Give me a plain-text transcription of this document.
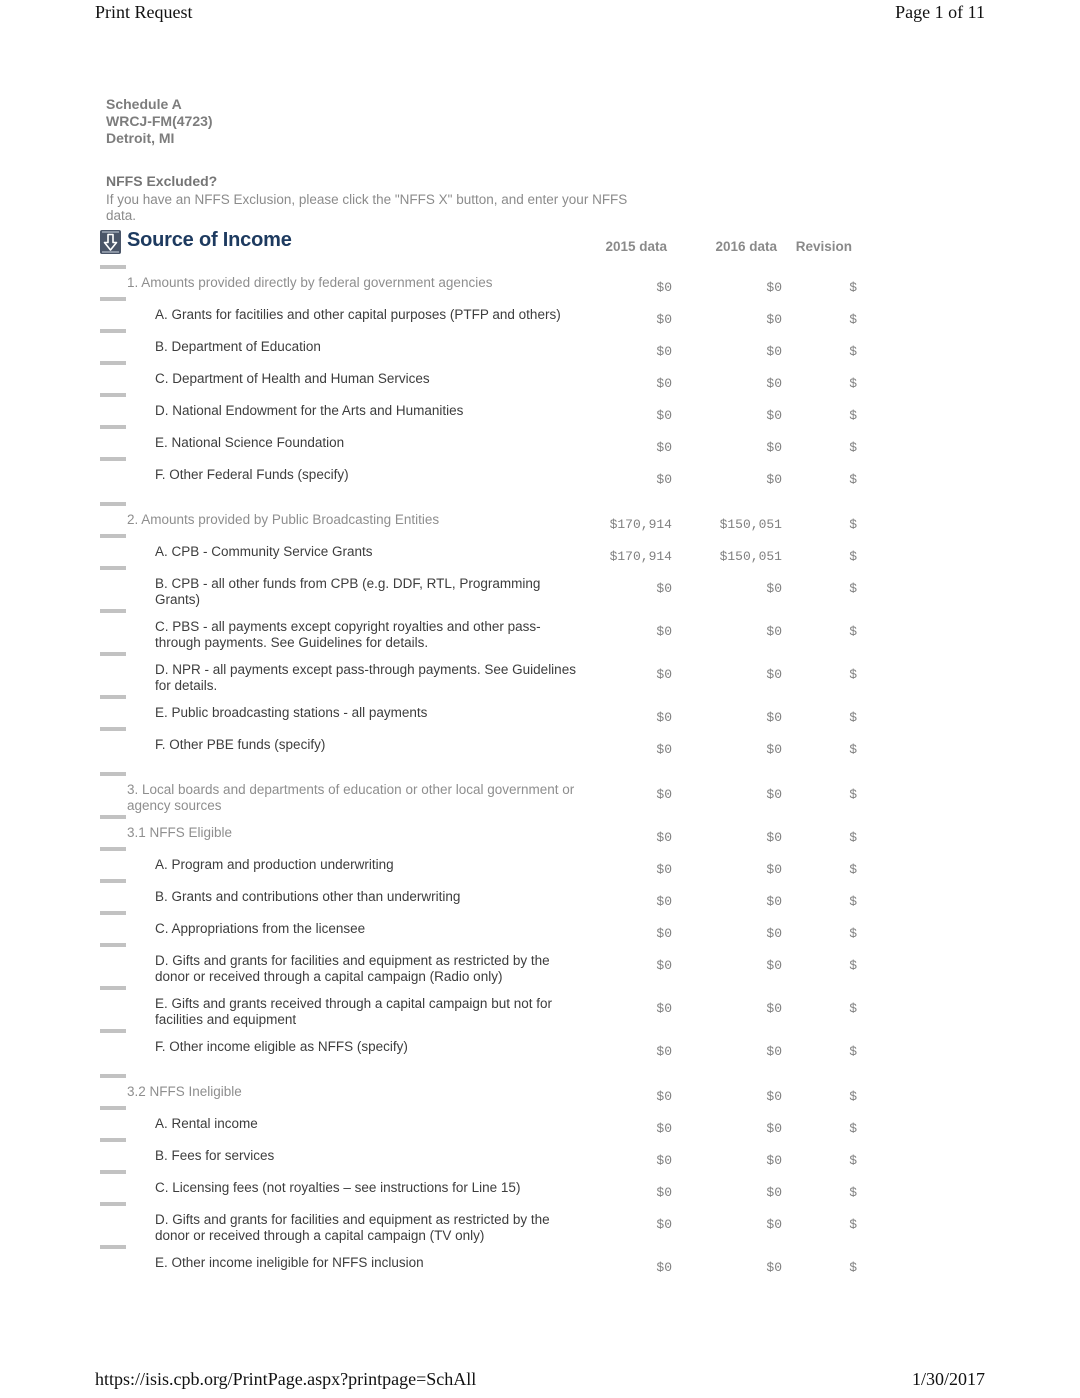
Print Request	Page 1 of 11
Schedule A
WRCJ-FM(4723)
Detroit, MI
NFFS Excluded?
If you have an NFFS Exclusion, please click the "NFFS X" button, and enter your NFFS data.
Source of Income	2015 data	2016 data	Revision
1. Amounts provided directly by federal government agencies	$0	$0	$
A. Grants for facitilies and other capital purposes (PTFP and others)	$0	$0	$
B. Department of Education	$0	$0	$
C. Department of Health and Human Services	$0	$0	$
D. National Endowment for the Arts and Humanities	$0	$0	$
E. National Science Foundation	$0	$0	$
F. Other Federal Funds (specify)	$0	$0	$
2. Amounts provided by Public Broadcasting Entities	$170,914	$150,051	$
A. CPB - Community Service Grants	$170,914	$150,051	$
B. CPB - all other funds from CPB (e.g. DDF, RTL, Programming Grants)
$0	$0	$
C. PBS - all payments except copyright royalties and other pass-through payments. See Guidelines for details.
$0	$0	$
D. NPR - all payments except pass-through payments. See Guidelines for details.
$0	$0	$
E. Public broadcasting stations - all payments	$0	$0	$
F. Other PBE funds (specify)	$0	$0	$
3. Local boards and departments of education or other local government or agency sources
$0	$0	$
3.1 NFFS Eligible	$0	$0	$
A. Program and production underwriting	$0	$0	$
B. Grants and contributions other than underwriting	$0	$0	$
C. Appropriations from the licensee	$0	$0	$
D. Gifts and grants for facilities and equipment as restricted by the donor or received through a capital campaign (Radio only)
$0	$0	$
E. Gifts and grants received through a capital campaign but not for facilities and equipment
$0	$0	$
F. Other income eligible as NFFS (specify)	$0	$0	$
3.2 NFFS Ineligible	$0	$0	$
A. Rental income	$0	$0	$
B. Fees for services	$0	$0	$
C. Licensing fees (not royalties – see instructions for Line 15)	$0	$0	$
D. Gifts and grants for facilities and equipment as restricted by the donor or received through a capital campaign (TV only)
$0	$0	$
E. Other income ineligible for NFFS inclusion	$0	$0	$
https://isis.cpb.org/PrintPage.aspx?printpage=SchAll	1/30/2017
